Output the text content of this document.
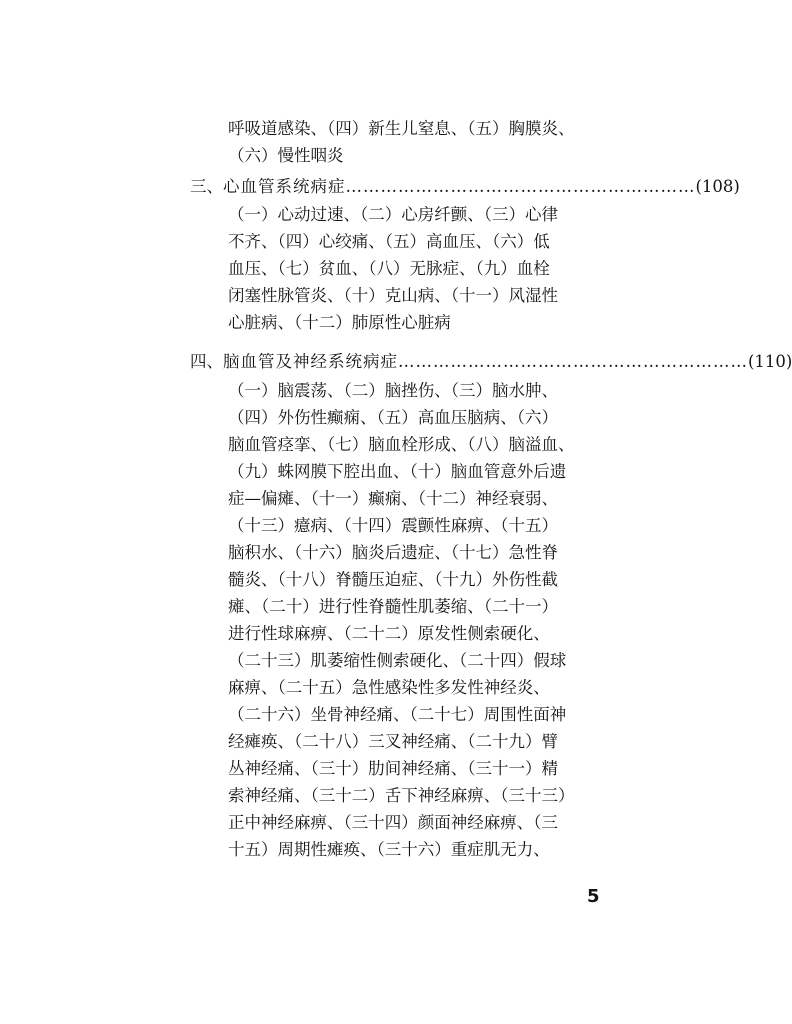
呼吸道感染、（四）新生儿窒息、（五）胸膜炎、
（六）慢性咽炎
三、 心血管系统病症 …………………………………………………… (108)
（一）心动过速、（二）心房纤颤、（三）心律
不齐、（四）心绞痛、（五）高血压、（六）低
血压、（七）贫血、（八）无脉症、（九）血栓
闭塞性脉管炎、（十）克山病、（十一）风湿性
心脏病、（十二）肺原性心脏病
四、 脑血管及神经系统病症 …………………………………………………… (110)
（一）脑震荡、（二）脑挫伤、（三）脑水肿、
（四）外伤性癫痫、（五）高血压脑病、（六）
脑血管痉挛、（七）脑血栓形成、（八）脑溢血、
（九）蛛网膜下腔出血、（十）脑血管意外后遗
症—偏瘫、（十一）癫痫、（十二）神经衰弱、
（十三）癔病、（十四）震颤性麻痹、（十五）
脑积水、（十六）脑炎后遗症、（十七）急性脊
髓炎、（十八）脊髓压迫症、（十九）外伤性截
瘫、（二十）进行性脊髓性肌萎缩、（二十一）
进行性球麻痹、（二十二）原发性侧索硬化、
（二十三）肌萎缩性侧索硬化、（二十四）假球
麻痹、（二十五）急性感染性多发性神经炎、
（二十六）坐骨神经痛、（二十七）周围性面神
经瘫痪、（二十八）三叉神经痛、（二十九）臂
丛神经痛、（三十）肋间神经痛、（三十一）精
索神经痛、（三十二）舌下神经麻痹、（三十三）
正中神经麻痹、（三十四）颜面神经麻痹、（三
十五）周期性瘫痪、（三十六）重症肌无力、
5
